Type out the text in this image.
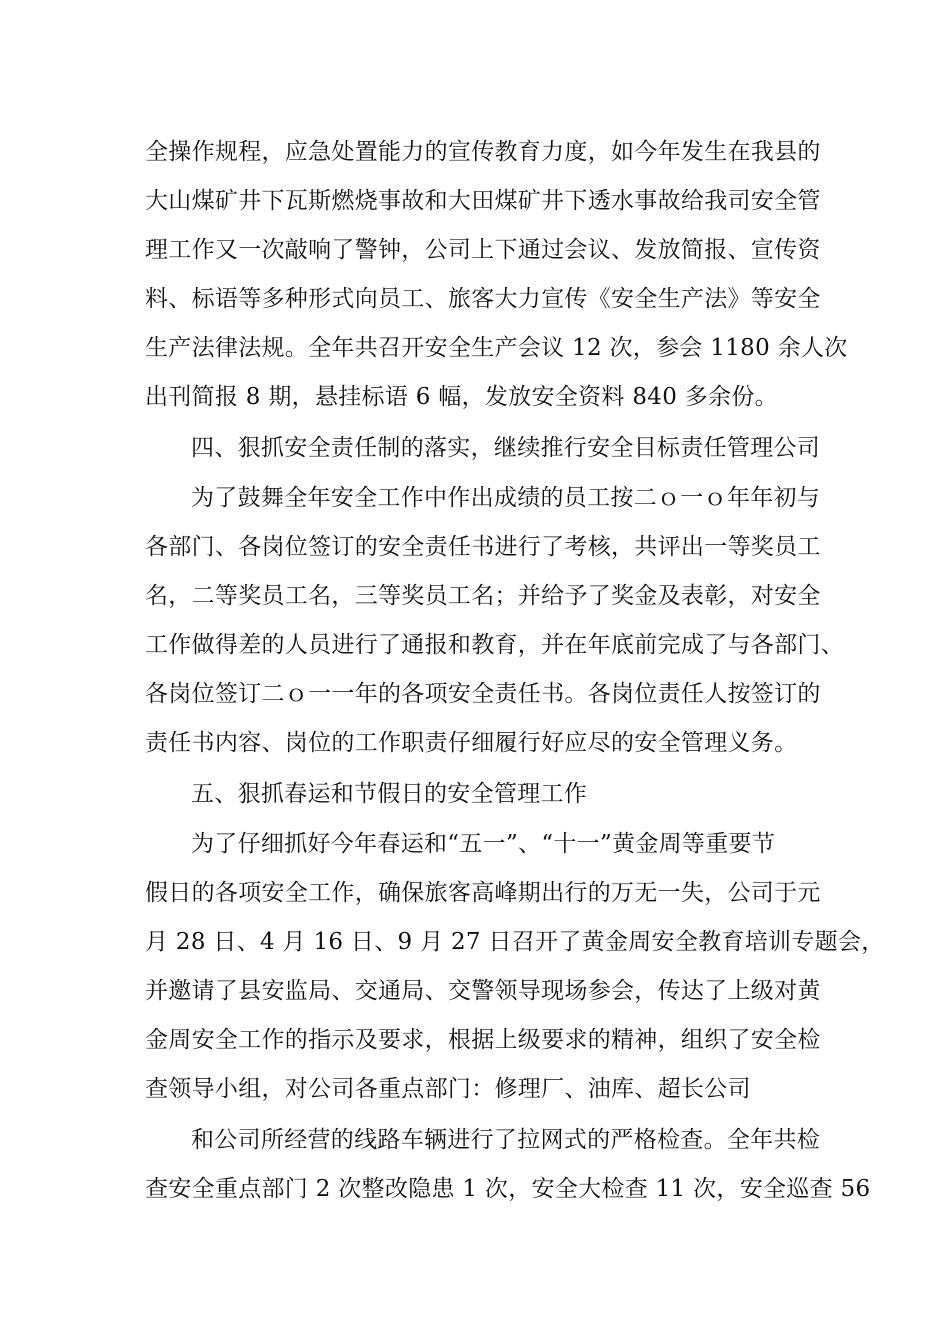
全操作规程，应急处置能力的宣传教育力度，如今年发生在我县的
大山煤矿井下瓦斯燃烧事故和大田煤矿井下透水事故给我司安全管
理工作又一次敲响了警钟，公司上下通过会议、发放简报、宣传资
料、标语等多种形式向员工、旅客大力宣传《安全生产法》等安全
生产法律法规。全年共召开安全生产会议 12 次，参会 1180 余人次
出刊简报 8 期，悬挂标语 6 幅，发放安全资料 840 多余份。
四、狠抓安全责任制的落实，继续推行安全目标责任管理公司
为了鼓舞全年安全工作中作出成绩的员工按二ｏ一ｏ年年初与
各部门、各岗位签订的安全责任书进行了考核，共评出一等奖员工
名，二等奖员工名，三等奖员工名；并给予了奖金及表彰，对安全
工作做得差的人员进行了通报和教育，并在年底前完成了与各部门、
各岗位签订二ｏ一一年的各项安全责任书。各岗位责任人按签订的
责任书内容、岗位的工作职责仔细履行好应尽的安全管理义务。
五、狠抓春运和节假日的安全管理工作
为了仔细抓好今年春运和“五一”、“十一”黄金周等重要节
假日的各项安全工作，确保旅客高峰期出行的万无一失，公司于元
月 28 日、4 月 16 日、9 月 27 日召开了黄金周安全教育培训专题会，
并邀请了县安监局、交通局、交警领导现场参会，传达了上级对黄
金周安全工作的指示及要求，根据上级要求的精神，组织了安全检
查领导小组，对公司各重点部门：修理厂、油库、超长公司
和公司所经营的线路车辆进行了拉网式的严格检查。全年共检
查安全重点部门 2 次整改隐患 1 次，安全大检查 11 次，安全巡查 56
